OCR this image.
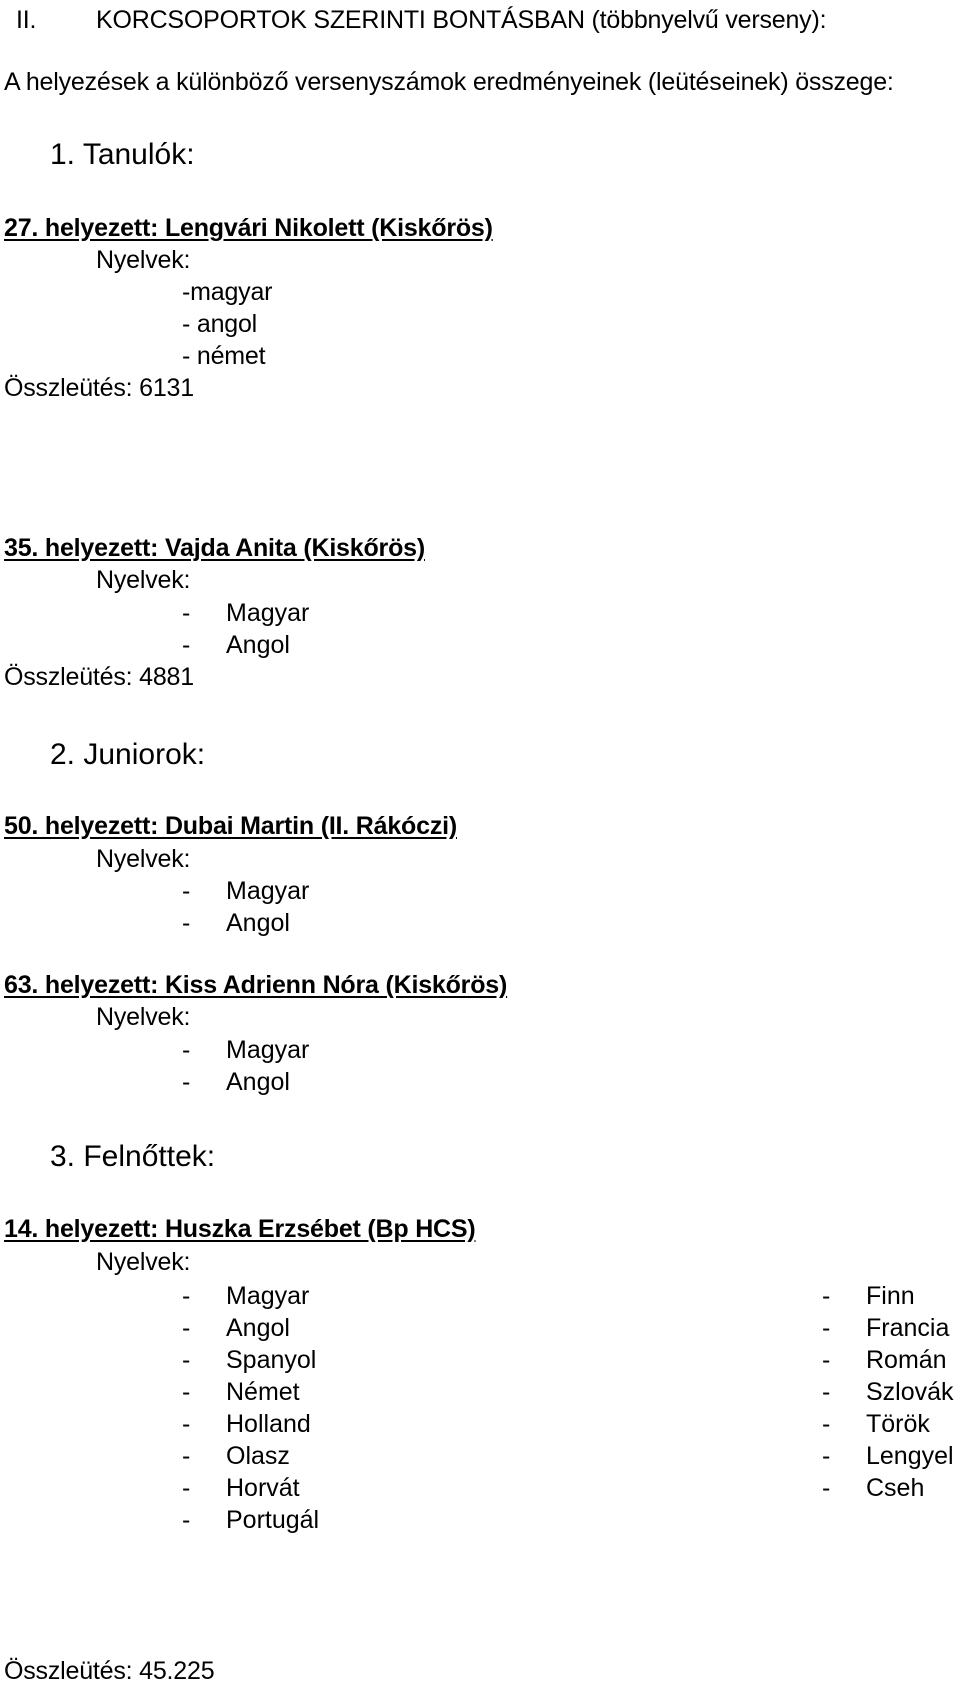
II. KORCSOPORTOK SZERINTI BONTÁSBAN (többnyelvű verseny):
A helyezések a különböző versenyszámok eredményeinek (leütéseinek) összege:
1. Tanulók:
27. helyezett: Lengvári Nikolett (Kiskőrös)
Nyelvek:
-magyar
- angol
- német
Összleütés: 6131
35. helyezett: Vajda Anita (Kiskőrös)
Nyelvek:
- Magyar
- Angol
Összleütés: 4881
2. Juniorok:
50. helyezett: Dubai Martin (II. Rákóczi)
Nyelvek:
- Magyar
- Angol
63. helyezett: Kiss Adrienn Nóra (Kiskőrös)
Nyelvek:
- Magyar
- Angol
3. Felnőttek:
14. helyezett: Huszka Erzsébet (Bp HCS)
Nyelvek:
- Magyar
- Angol
- Spanyol
- Német
- Holland
- Olasz
- Horvát
- Portugál
- Finn
- Francia
- Román
- Szlovák
- Török
- Lengyel
- Cseh
Összleütés: 45.225
